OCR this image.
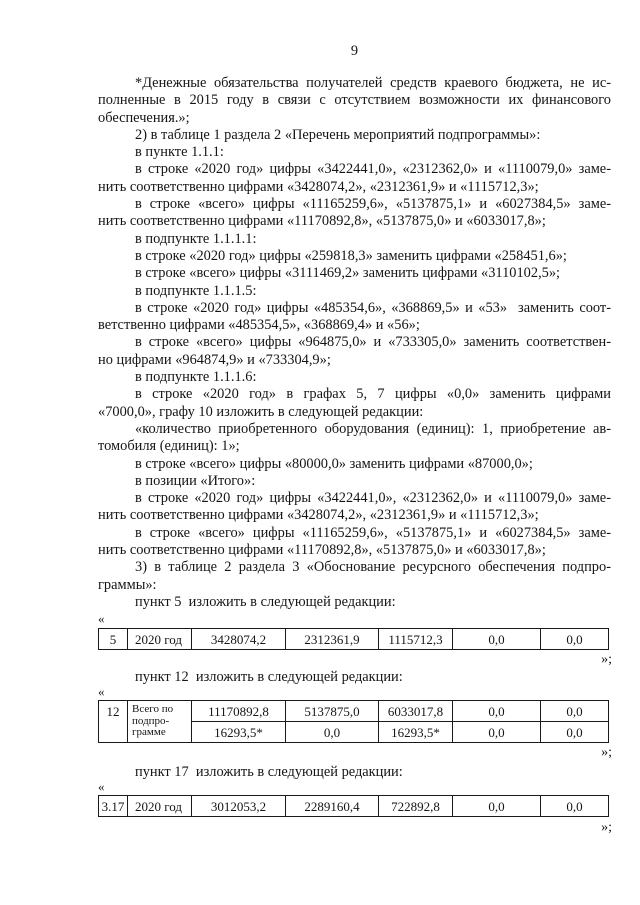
9
*Денежные обязательства получателей средств краевого бюджета, не ис-
полненные в 2015 году в связи с отсутствием возможности их финансового
обеспечения.»;
2) в таблице 1 раздела 2 «Перечень мероприятий подпрограммы»:
в пункте 1.1.1:
в строке «2020 год» цифры «3422441,0», «2312362,0» и «1110079,0» заме-
нить соответственно цифрами «3428074,2», «2312361,9» и «1115712,3»;
в строке «всего» цифры «11165259,6», «5137875,1» и «6027384,5» заме-
нить соответственно цифрами «11170892,8», «5137875,0» и «6033017,8»;
в подпункте 1.1.1.1:
в строке «2020 год» цифры «259818,3» заменить цифрами «258451,6»;
в строке «всего» цифры «3111469,2» заменить цифрами «3110102,5»;
в подпункте 1.1.1.5:
в строке «2020 год» цифры «485354,6», «368869,5» и «53»  заменить соот-
ветственно цифрами «485354,5», «368869,4» и «56»;
в строке «всего» цифры «964875,0» и «733305,0» заменить соответствен-
но цифрами «964874,9» и «733304,9»;
в подпункте 1.1.1.6:
в строке «2020 год» в графах 5, 7 цифры «0,0» заменить цифрами
«7000,0», графу 10 изложить в следующей редакции:
«количество приобретенного оборудования (единиц): 1, приобретение ав-
томобиля (единиц): 1»;
в строке «всего» цифры «80000,0» заменить цифрами «87000,0»;
в позиции «Итого»:
в строке «2020 год» цифры «3422441,0», «2312362,0» и «1110079,0» заме-
нить соответственно цифрами «3428074,2», «2312361,9» и «1115712,3»;
в строке «всего» цифры «11165259,6», «5137875,1» и «6027384,5» заме-
нить соответственно цифрами «11170892,8», «5137875,0» и «6033017,8»;
3) в таблице 2 раздела 3 «Обоснование ресурсного обеспечения подпро-
граммы»:
пункт 5  изложить в следующей редакции:
«
5	2020 год	3428074,2	2312361,9	1115712,3	0,0	0,0
»;
пункт 12  изложить в следующей редакции:
«
12	Всего по
подпро-
грамме	11170892,8	5137875,0	6033017,8	0,0	0,0
		16293,5*	0,0	16293,5*	0,0	0,0
»;
пункт 17  изложить в следующей редакции:
«
3.17	2020 год	3012053,2	2289160,4	722892,8	0,0	0,0
»;
